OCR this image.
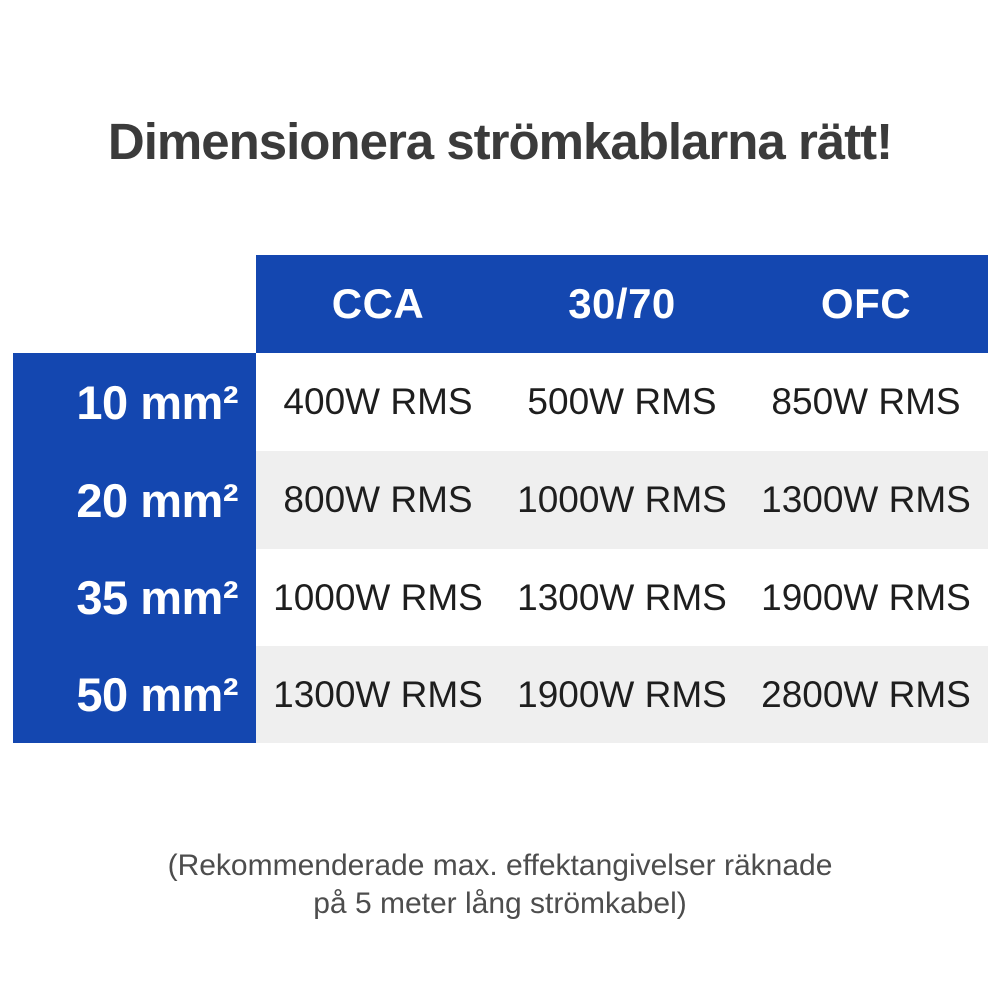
Dimensionera strömkablarna rätt!
CCA	30/70	OFC
10 mm²	400W RMS	500W RMS	850W RMS
20 mm²	800W RMS	1000W RMS 1300W RMS
35 mm² 1000W RMS 1300W RMS 1900W RMS
50 mm² 1300W RMS 1900W RMS 2800W RMS
(Rekommenderade max. effektangivelser räknade
på 5 meter lång strömkabel)
